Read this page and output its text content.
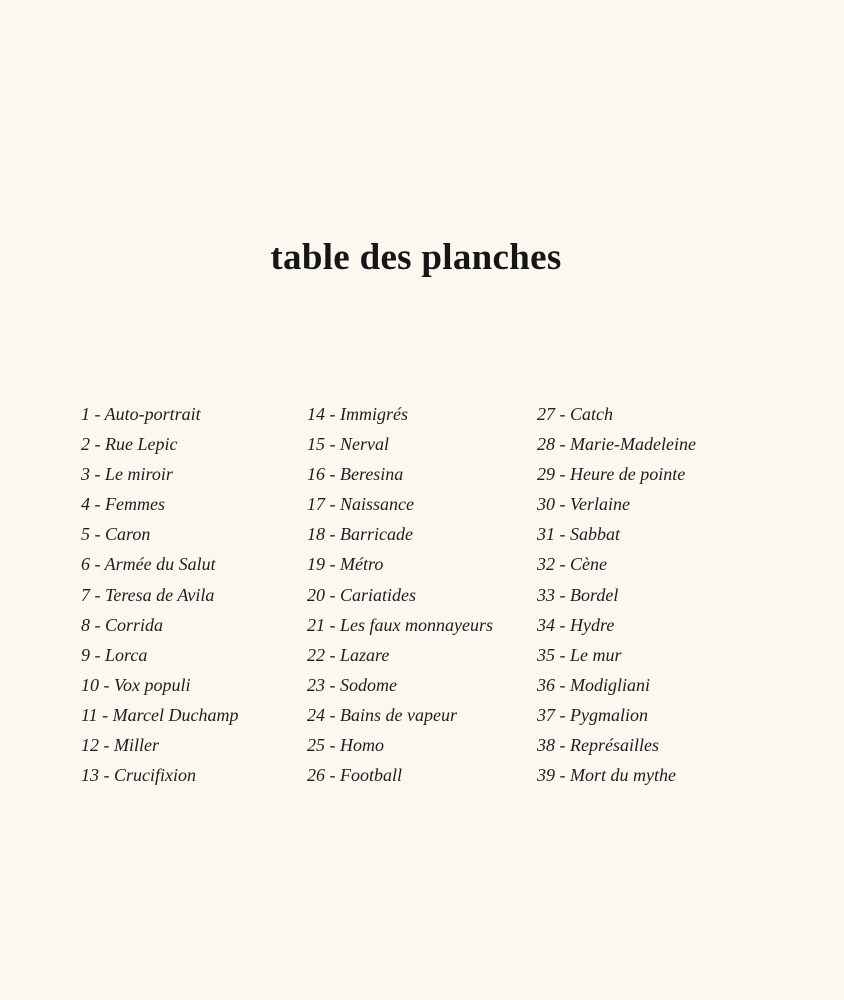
table des planches
1 - Auto-portrait
2 - Rue Lepic
3 - Le miroir
4 - Femmes
5 - Caron
6 - Armée du Salut
7 - Teresa de Avila
8 - Corrida
9 - Lorca
10 - Vox populi
11 - Marcel Duchamp
12 - Miller
13 - Crucifixion
14 - Immigrés
15 - Nerval
16 - Beresina
17 - Naissance
18 - Barricade
19 - Métro
20 - Cariatides
21 - Les faux monnayeurs
22 - Lazare
23 - Sodome
24 - Bains de vapeur
25 - Homo
26 - Football
27 - Catch
28 - Marie-Madeleine
29 - Heure de pointe
30 - Verlaine
31 - Sabbat
32 - Cène
33 - Bordel
34 - Hydre
35 - Le mur
36 - Modigliani
37 - Pygmalion
38 - Représailles
39 - Mort du mythe
